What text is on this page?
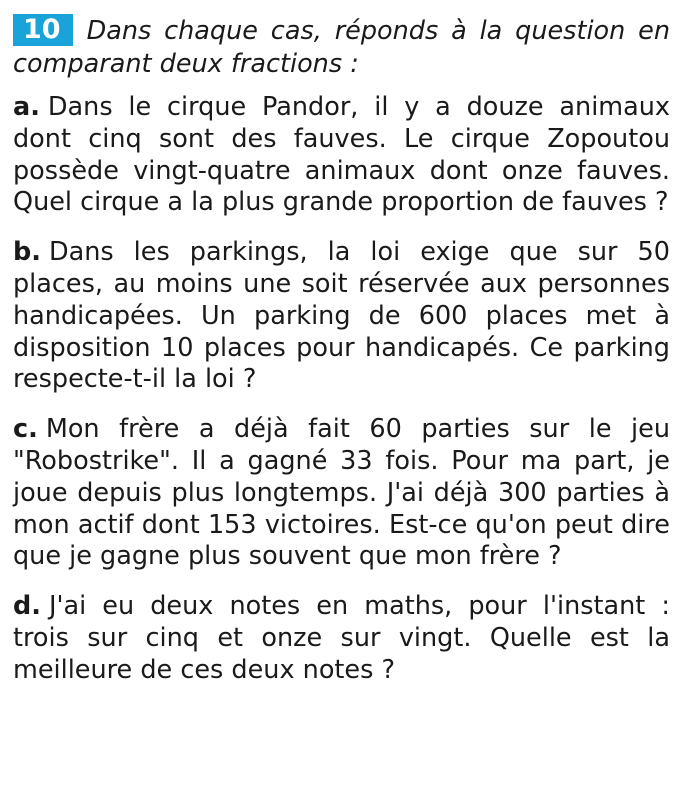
10 Dans chaque cas, réponds à la question en comparant deux fractions :

a. Dans le cirque Pandor, il y a douze animaux dont cinq sont des fauves. Le cirque Zopoutou possède vingt-quatre animaux dont onze fauves. Quel cirque a la plus grande proportion de fauves ?

b. Dans les parkings, la loi exige que sur 50 places, au moins une soit réservée aux personnes handicapées. Un parking de 600 places met à disposition 10 places pour handicapés. Ce parking respecte-t-il la loi ?

c. Mon frère a déjà fait 60 parties sur le jeu "Robostrike". Il a gagné 33 fois. Pour ma part, je joue depuis plus longtemps. J'ai déjà 300 parties à mon actif dont 153 victoires. Est-ce qu'on peut dire que je gagne plus souvent que mon frère ?

d. J'ai eu deux notes en maths, pour l'instant : trois sur cinq et onze sur vingt. Quelle est la meilleure de ces deux notes ?
